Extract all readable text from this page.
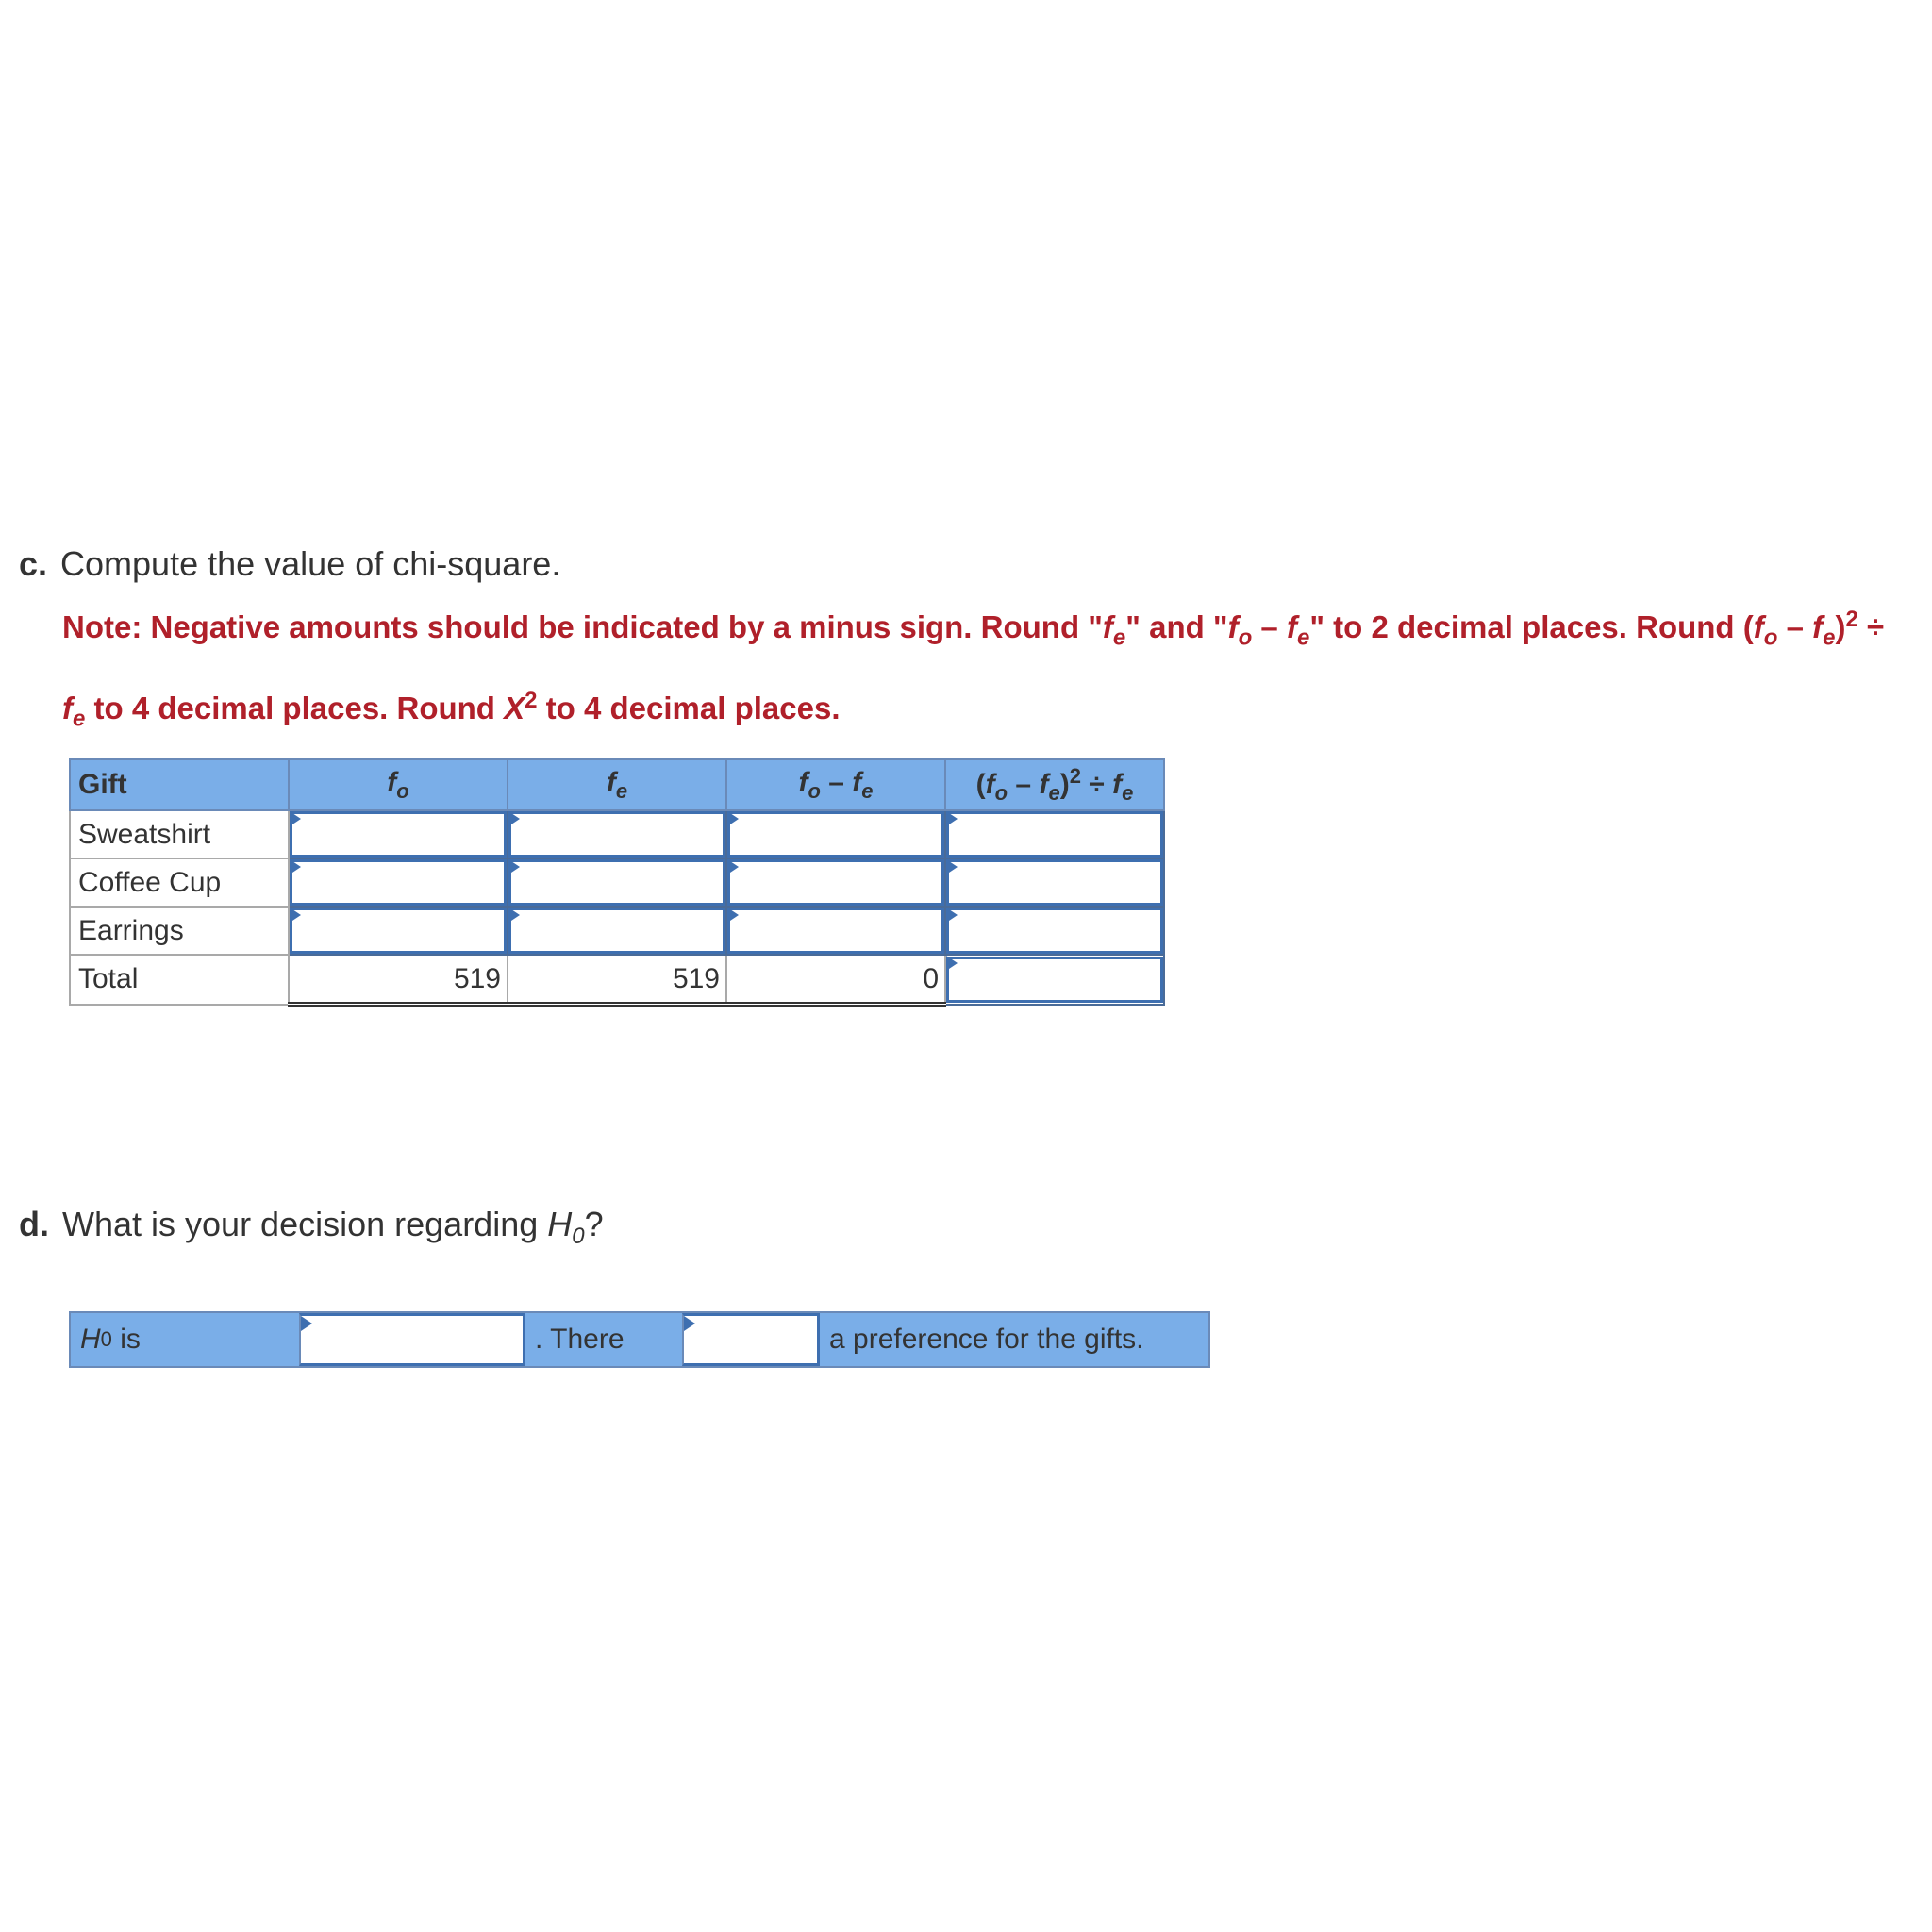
c. Compute the value of chi-square.
Note: Negative amounts should be indicated by a minus sign. Round "$f_e$" and "$f_o - f_e$" to 2 decimal places. Round $(f_o - f_e)^2 \div f_e$ to 4 decimal places. Round $X^2$ to 4 decimal places.
Gift	$f_o$	$f_e$	$f_o - f_e$	$(f_o - f_e)^2 \div f_e$
Sweatshirt	

Coffee Cup	

Earrings	

Total	519	519	0	
d. What is your decision regarding $H_0$?
H 0 is	. There	a preference for the gifts.
